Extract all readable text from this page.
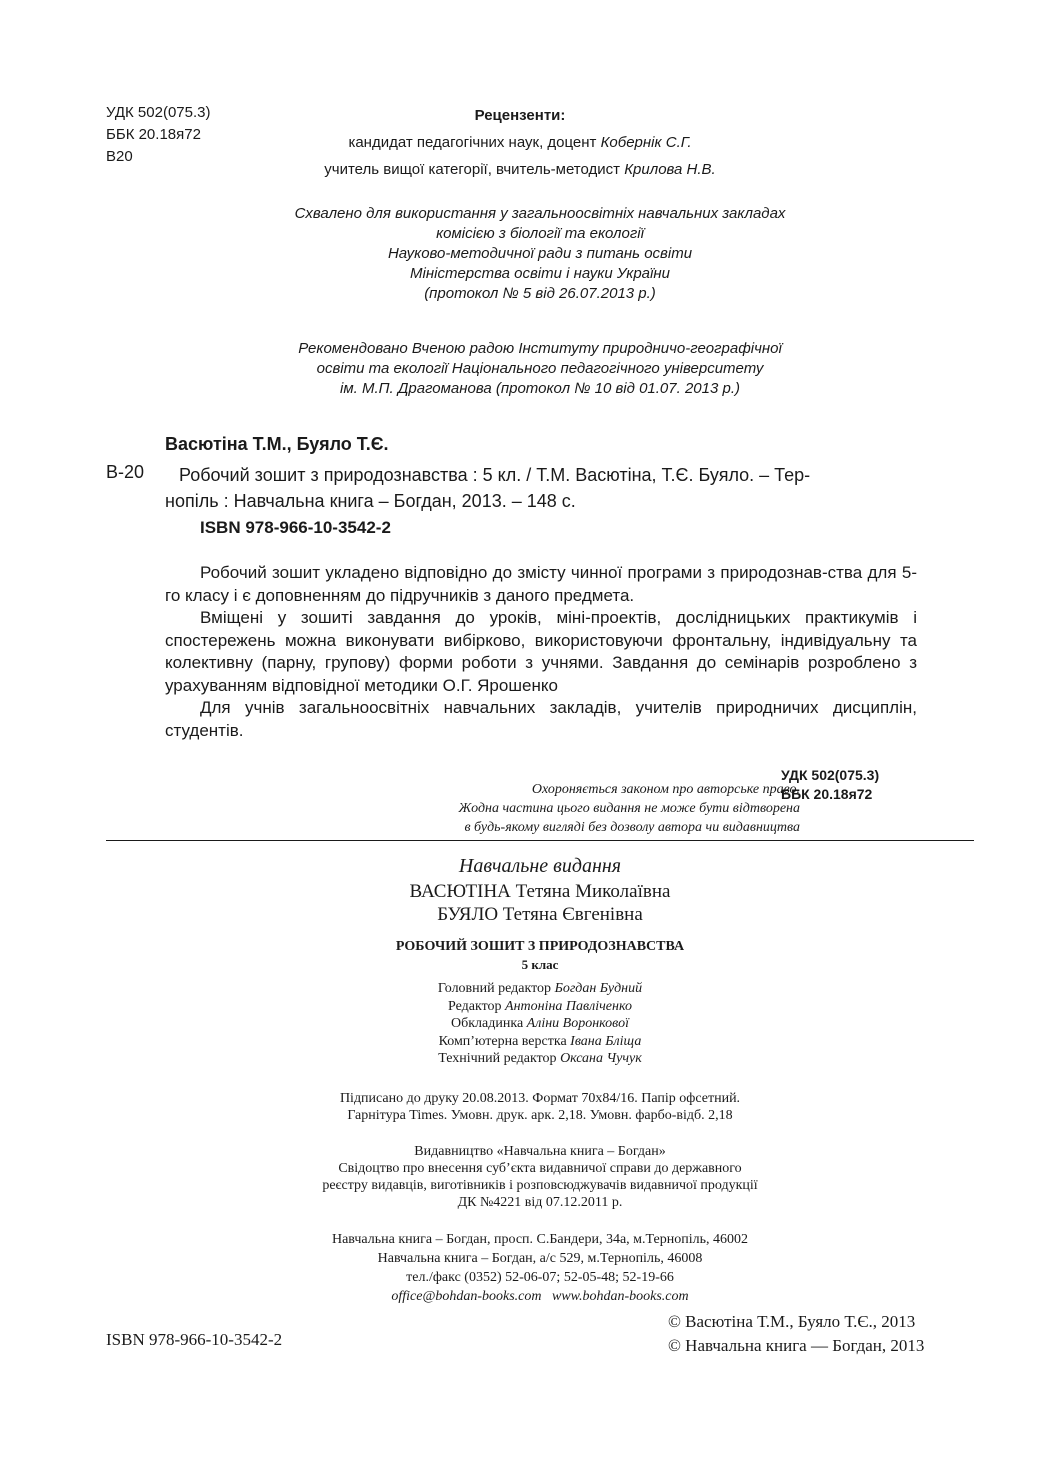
УДК 502(075.3)
ББК 20.18я72
В20
Рецензенти:
кандидат педагогічних наук, доцент Кобернік С.Г.
учитель вищої категорії, вчитель-методист Крилова Н.В.
Схвалено для використання у загальноосвітніх навчальних закладах
комісією з біології та екології
Науково-методичної ради з питань освіти
Міністерства освіти і науки України
(протокол № 5 від 26.07.2013 р.)
Рекомендовано Вченою радою Інституту природничо-географічної
освіти та екології Національного педагогічного університету
ім. М.П. Драгоманова (протокол № 10 від 01.07. 2013 р.)
Васютіна Т.М., Буяло Т.Є.
В-20	Робочий зошит з природознавства : 5 кл. / Т.М. Васютіна, Т.Є. Буяло. – Тер-
нопіль : Навчальна книга – Богдан, 2013. – 148 с.
ISBN 978-966-10-3542-2

Робочий зошит укладено відповідно до змісту чинної програми з природознав-ства для 5-го класу і є доповненням до підручників з даного предмета.

Вміщені у зошиті завдання до уроків, міні-проектів, дослідницьких практикумів і спостережень можна виконувати вибірково, використовуючи фронтальну, індивідуальну та колективну (парну, групову) форми роботи з учнями. Завдання до семінарів розроблено з урахуванням відповідної методики О.Г. Ярошенко

Для учнів загальноосвітніх навчальних закладів, учителів природничих дисциплін, студентів.

Охороняється законом про авторське право.
Жодна частина цього видання не може бути відтворена
в будь-якому вигляді без дозволу автора чи видавництва
УДК 502(075.3)
ББК 20.18я72
Навчальне видання
ВАСЮТІНА Тетяна Миколаївна
БУЯЛО Тетяна Євгенівна
РОБОЧИЙ ЗОШИТ З ПРИРОДОЗНАВСТВА
5 клас
Головний редактор Богдан Будний
Редактор Антоніна Павліченко
Обкладинка Аліни Воронкової
Комп’ютерна верстка Івана Бліща
Технічний редактор Оксана Чучук
Підписано до друку 20.08.2013. Формат 70х84/16. Папір офсетний.
Гарнітура Times. Умовн. друк. арк. 2,18. Умовн. фарбо-відб. 2,18
Видавництво «Навчальна книга – Богдан»
Свідоцтво про внесення суб’єкта видавничої справи до державного
реєстру видавців, виготівників і розповсюджувачів видавничої продукції
ДК №4221 від 07.12.2011 р.
Навчальна книга – Богдан, просп. С.Бандери, 34а, м.Тернопіль, 46002
Навчальна книга – Богдан, а/с 529, м.Тернопіль, 46008
тел./факс (0352) 52-06-07; 52-05-48; 52-19-66
office@bohdan-books.com www.bohdan-books.com
ISBN 978-966-10-3542-2
© Васютіна Т.М., Буяло Т.Є., 2013
© Навчальна книга — Богдан, 2013
